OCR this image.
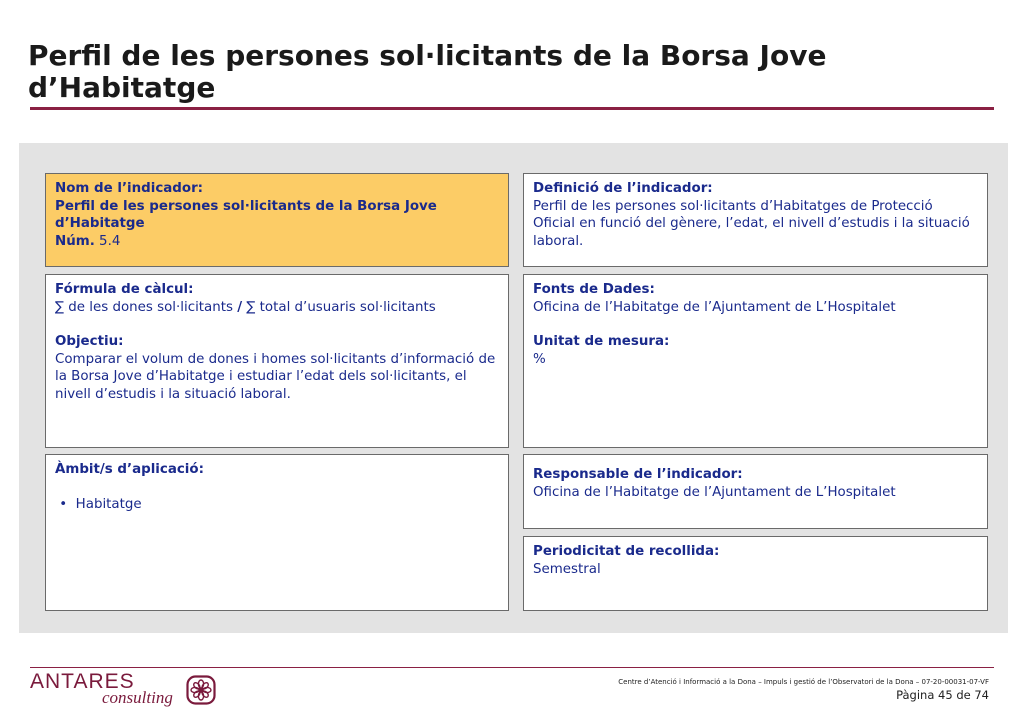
Perfil de les persones sol·licitants de la Borsa Jove d’Habitatge
Nom de l’indicador:
Perfil de les persones sol·licitants de la Borsa Jove d’Habitatge
Núm. 5.4
Definició de l’indicador:
Perfil de les persones sol·licitants d’Habitatges de Protecció Oficial en funció del gènere, l’edat, el nivell d’estudis i la situació laboral.
Fórmula de càlcul:
∑ de les dones sol·licitants / ∑ total d’usuaris sol·licitants
Objectiu:
Comparar el volum de dones i homes sol·licitants d’informació de la Borsa Jove d’Habitatge i estudiar l’edat dels sol·licitants, el nivell d’estudis i la situació laboral.
Fonts de Dades:
Oficina de l’Habitatge de l’Ajuntament de L’Hospitalet
Unitat de mesura:
%
Àmbit/s d’aplicació:
•  Habitatge
Responsable de l’indicador:
Oficina de l’Habitatge de l’Ajuntament de L’Hospitalet
Periodicitat de recollida:
Semestral
ANTARES
consulting
Centre d’Atenció i Informació a la Dona – Impuls i gestió de l’Observatori de la Dona – 07-20-00031-07-VF
Pàgina 45 de 74
